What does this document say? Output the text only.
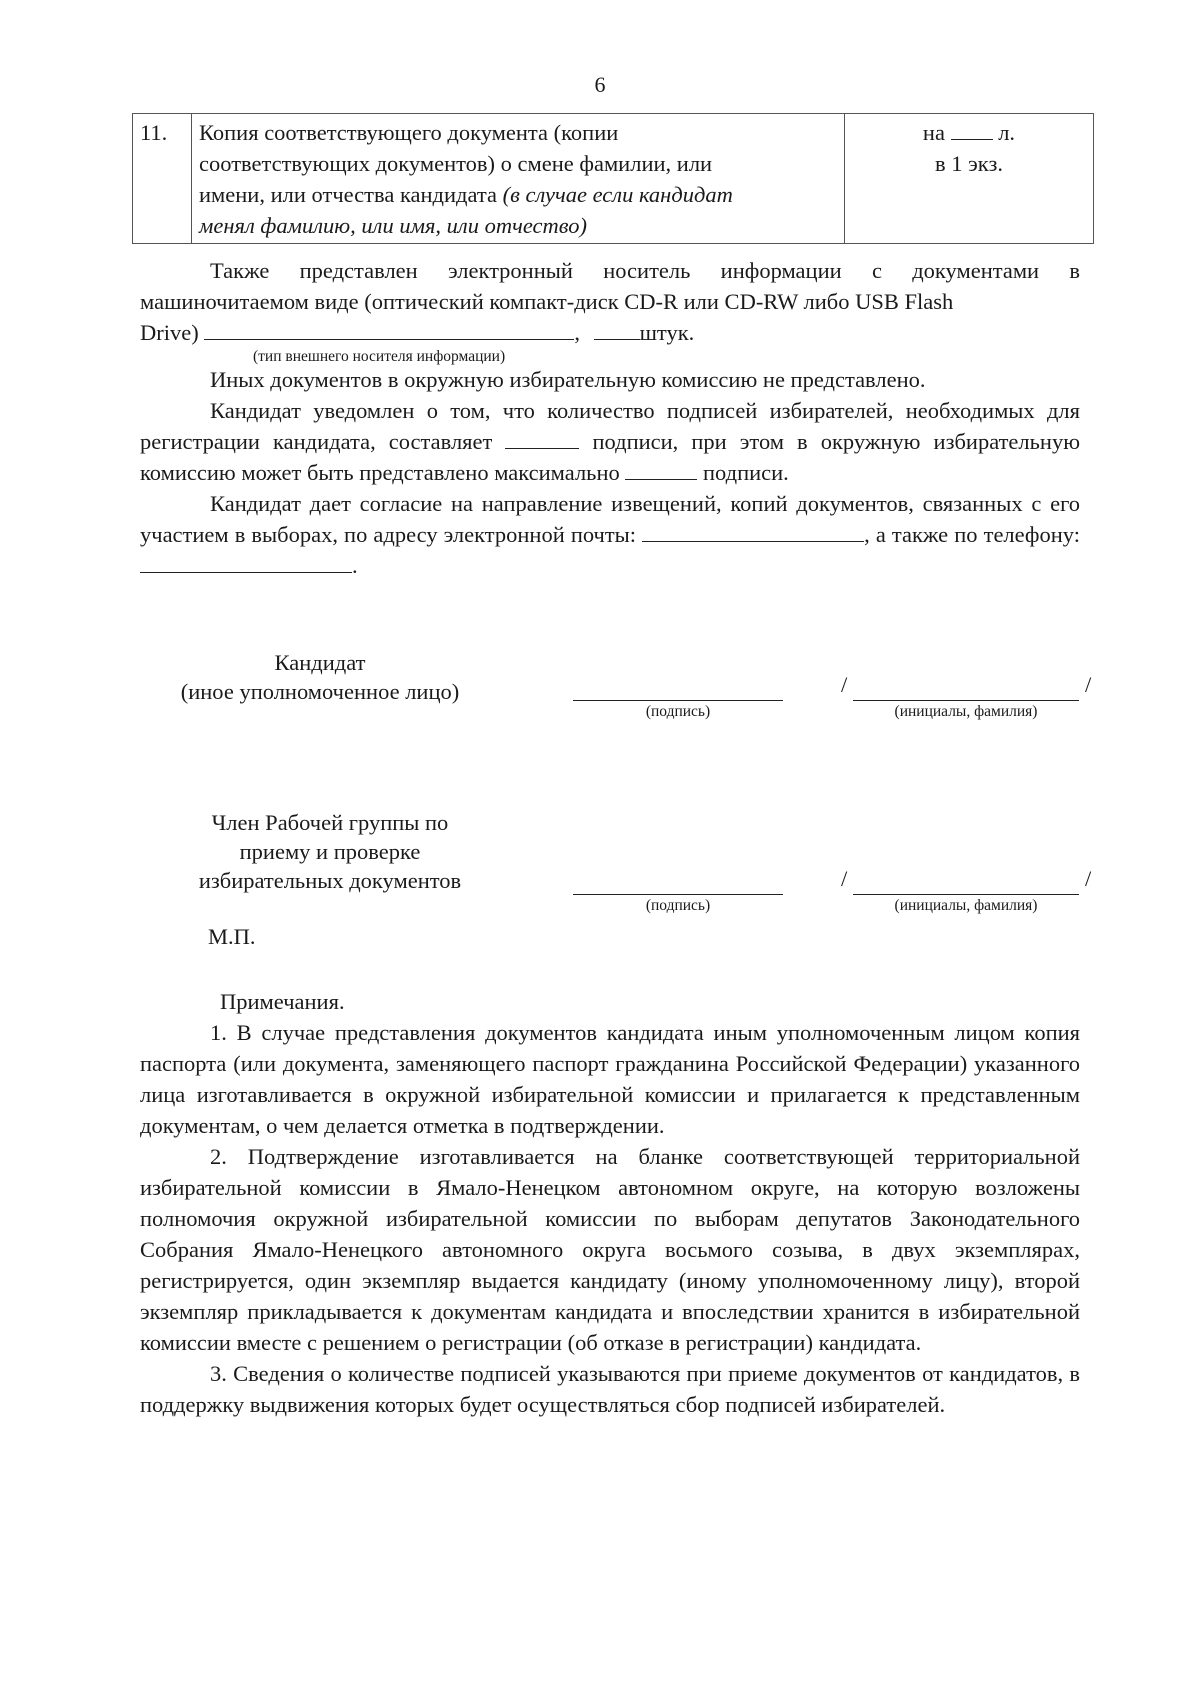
6
11.	Копия соответствующего документа (копии
соответствующих документов) о смене фамилии, или
имени, или отчества кандидата (в случае если кандидат
менял фамилию, или имя, или отчество)	на л.
в 1 экз.

Также представлен электронный носитель информации с документами в машиночитаемом виде (оптический компакт-диск CD-R или CD-RW либо USB Flash

Drive)	,	штук.
(тип внешнего носителя информации)

Иных документов в окружную избирательную комиссию не представлено.

Кандидат уведомлен о том, что количество подписей избирателей, необходимых для регистрации кандидата, составляет	подписи, при этом в окружную избирательную комиссию может быть представлено максимально	подписи.

Кандидат дает согласие на направление извещений, копий документов, связанных с его участием в выборах, по адресу электронной почты:	, а также по телефону: .

Кандидат
(иное уполномоченное лицо)	/	/
(подпись)	(инициалы, фамилия)
Член Рабочей группы по
приему и проверке
избирательных документов	/	/
(подпись)	(инициалы, фамилия)
М.П.

Примечания.

1. В случае представления документов кандидата иным уполномоченным лицом копия паспорта (или документа, заменяющего паспорт гражданина Российской Федерации) указанного лица изготавливается в окружной избирательной комиссии и прилагается к представленным документам, о чем делается отметка в подтверждении.

2. Подтверждение изготавливается на бланке соответствующей территориальной избирательной комиссии в Ямало-Ненецком автономном округе, на которую возложены полномочия окружной избирательной комиссии по выборам депутатов Законодательного Собрания Ямало-Ненецкого автономного округа восьмого созыва, в двух экземплярах, регистрируется, один экземпляр выдается кандидату (иному уполномоченному лицу), второй экземпляр прикладывается к документам кандидата и впоследствии хранится в избирательной комиссии вместе с решением о регистрации (об отказе в регистрации) кандидата.

3. Сведения о количестве подписей указываются при приеме документов от кандидатов, в поддержку выдвижения которых будет осуществляться сбор подписей избирателей.
